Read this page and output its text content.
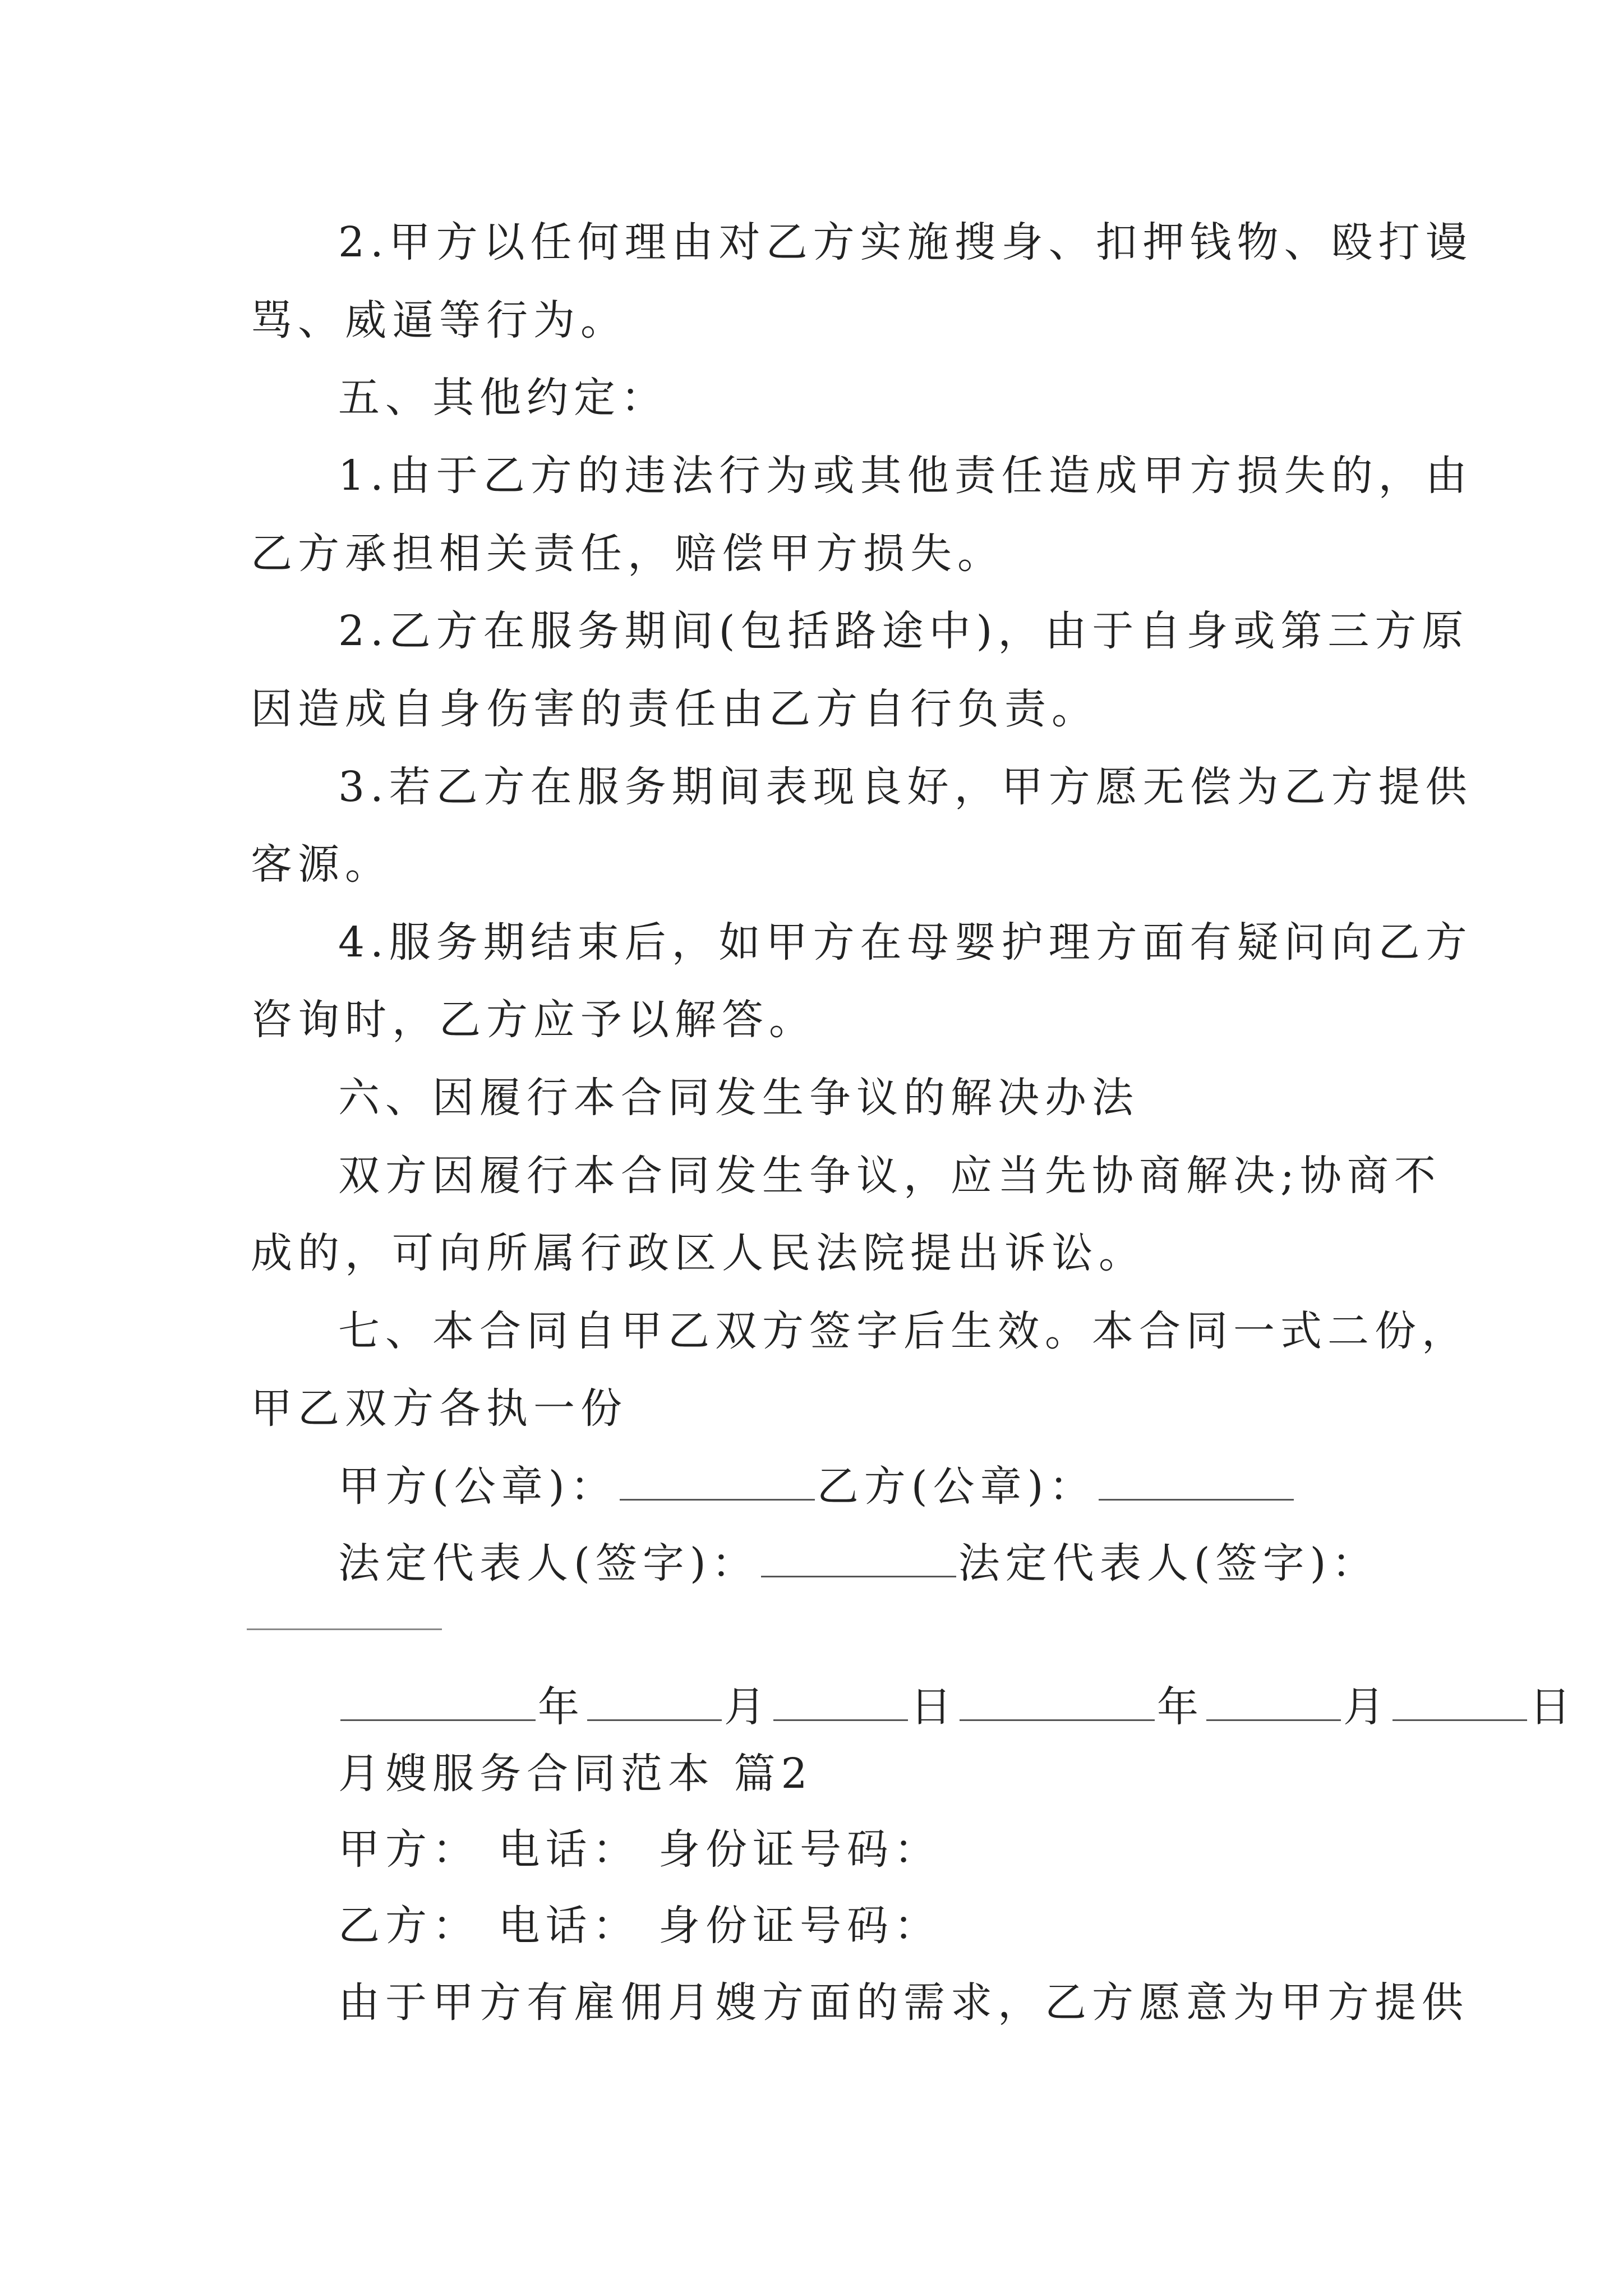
2.甲方以任何理由对乙方实施搜身、扣押钱物、殴打谩
骂、威逼等行为。
五、其他约定：
1.由于乙方的违法行为或其他责任造成甲方损失的，由
乙方承担相关责任，赔偿甲方损失。
2.乙方在服务期间(包括路途中)，由于自身或第三方原
因造成自身伤害的责任由乙方自行负责。
3.若乙方在服务期间表现良好，甲方愿无偿为乙方提供
客源。
4.服务期结束后，如甲方在母婴护理方面有疑问向乙方
咨询时，乙方应予以解答。
六、因履行本合同发生争议的解决办法
双方因履行本合同发生争议，应当先协商解决;协商不
成的，可向所属行政区人民法院提出诉讼。
七、本合同自甲乙双方签字后生效。本合同一式二份，
甲乙双方各执一份
甲方(公章)：	乙方(公章)：
法定代表人(签字)：	法定代表人(签字)：
年	月	日	年	月	日
月嫂服务合同范本 篇2
甲方： 电话： 身份证号码：
乙方： 电话： 身份证号码：
由于甲方有雇佣月嫂方面的需求，乙方愿意为甲方提供
